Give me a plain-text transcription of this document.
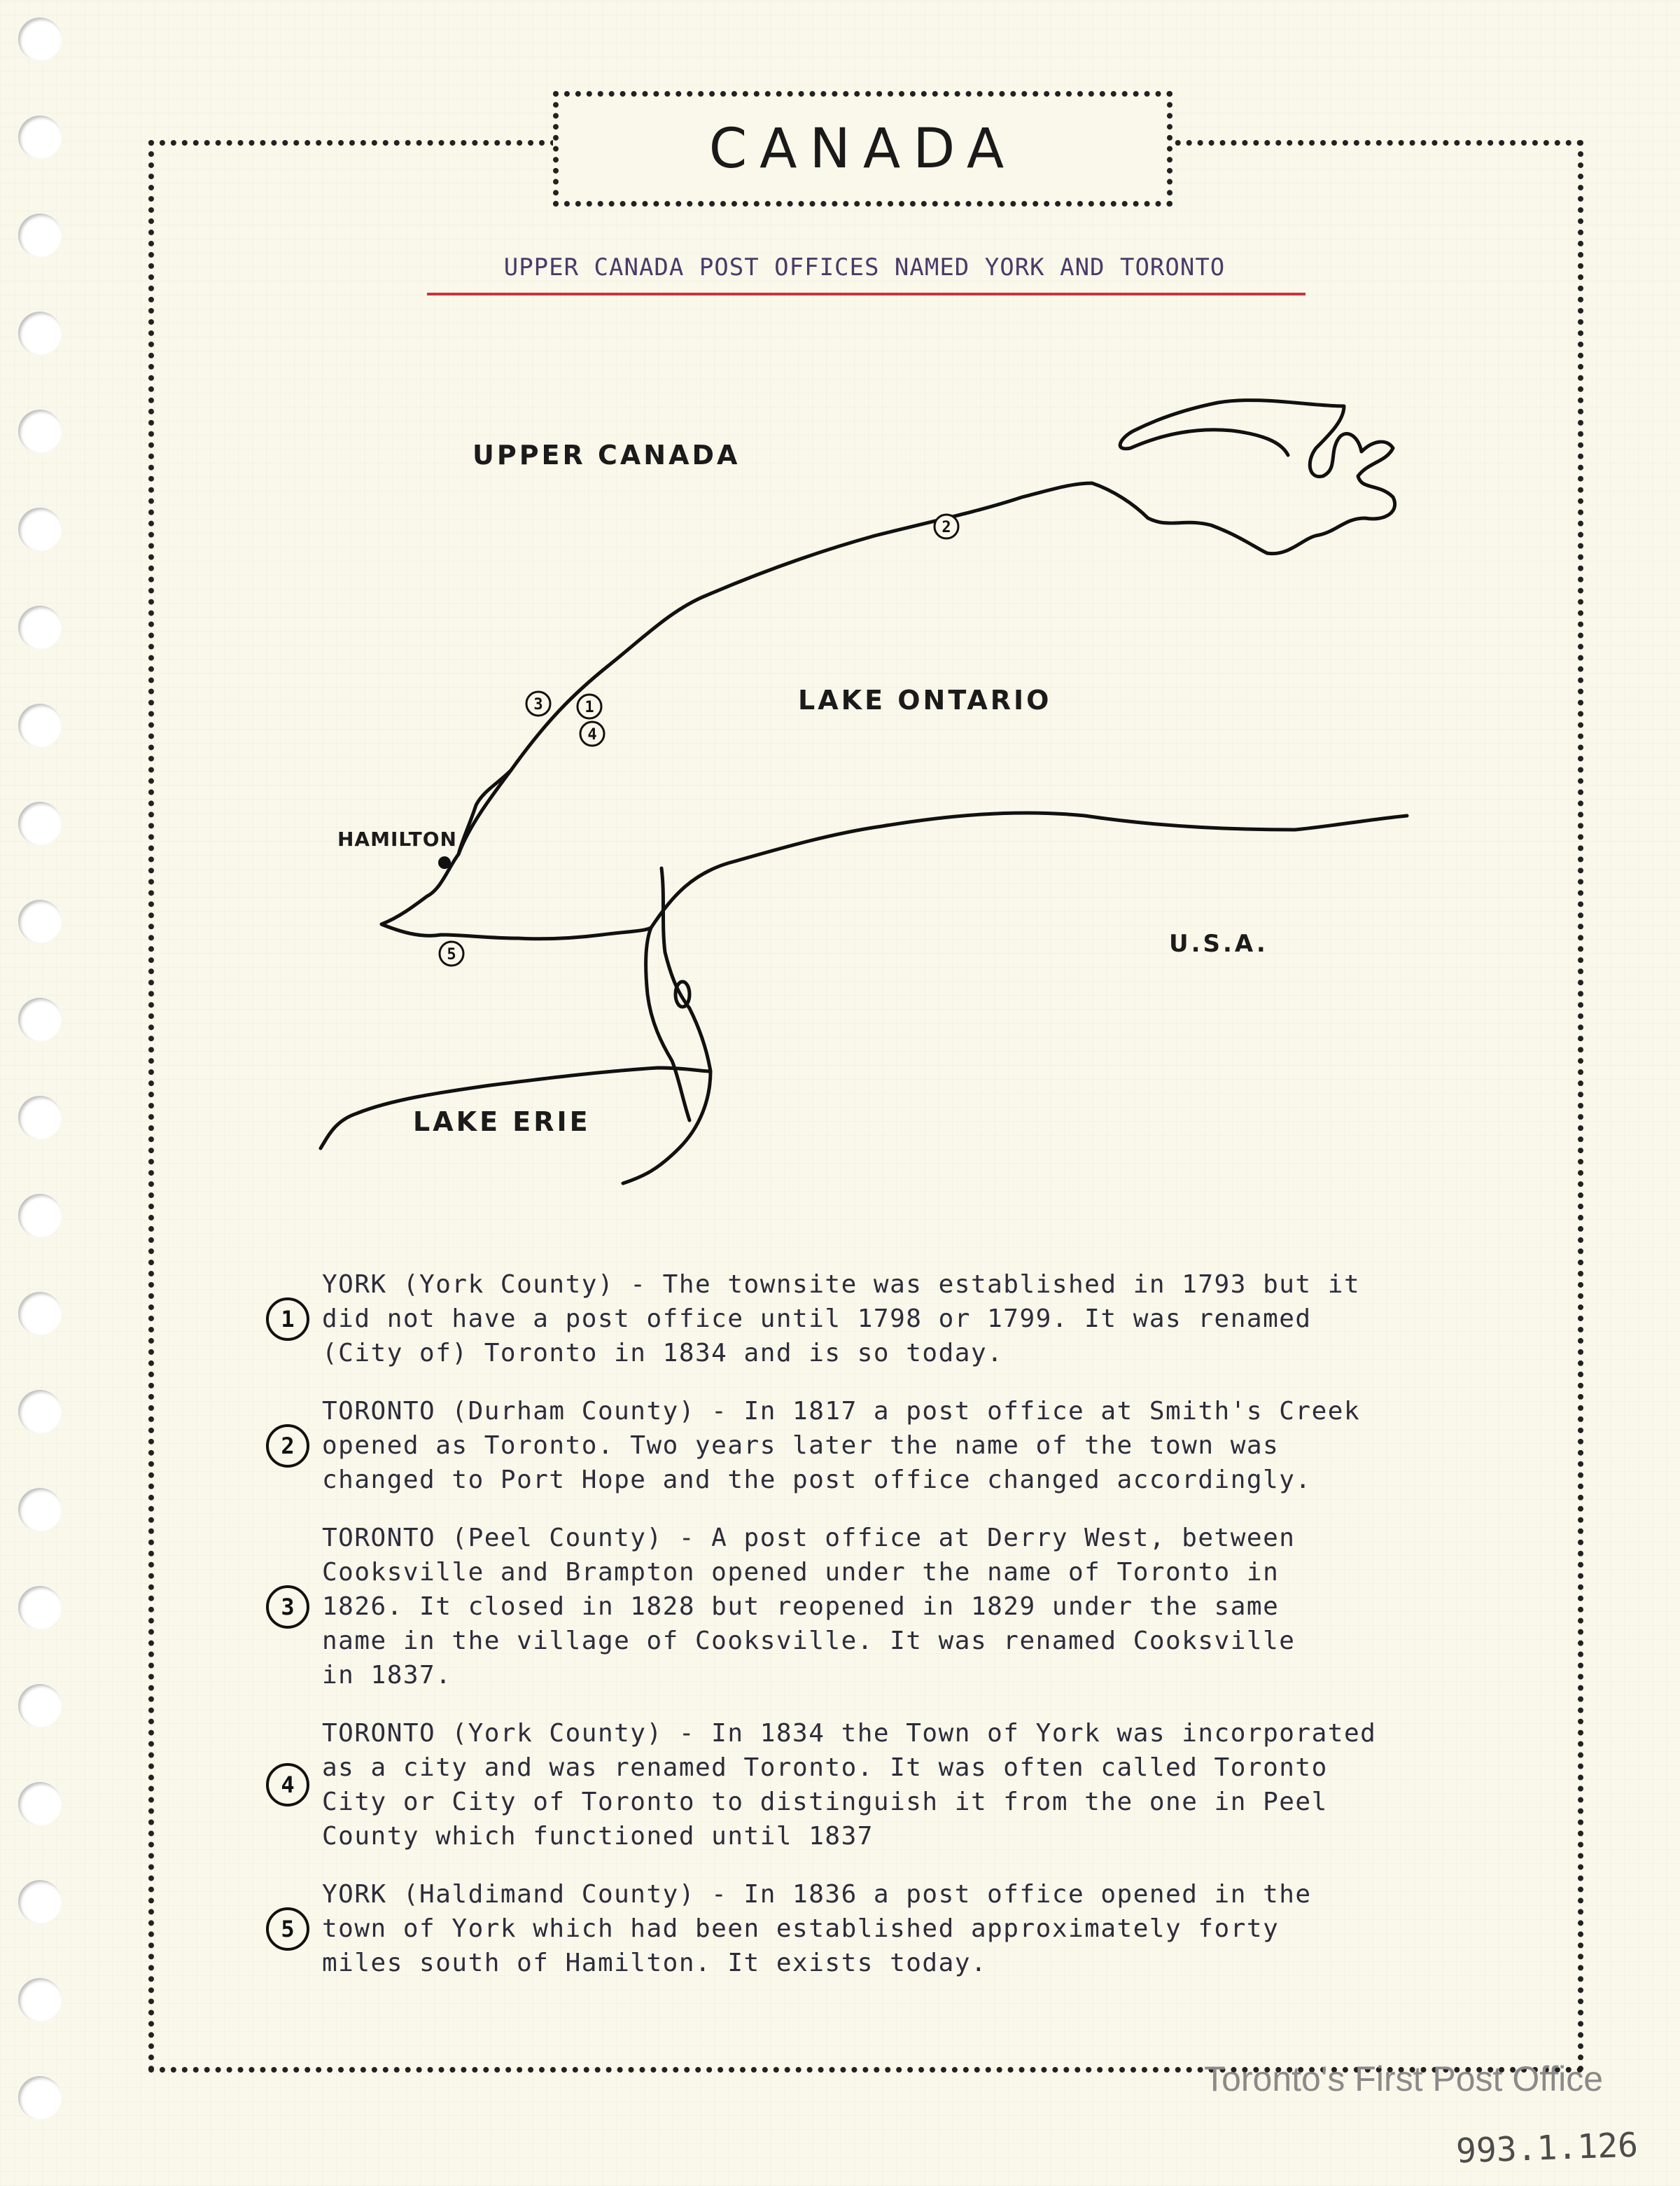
CANADA
UPPER CANADA POST OFFICES NAMED YORK AND TORONTO
1
4
3
2
5
UPPER CANADA
LAKE ONTARIO
HAMILTON
U.S.A.
LAKE ERIE
1
YORK (York County) - The townsite was established in 1793 but it
did not have a post office until 1798 or 1799. It was renamed
(City of) Toronto in 1834 and is so today.
2
TORONTO (Durham County) - In 1817 a post office at Smith's Creek
opened as Toronto. Two years later the name of the town was
changed to Port Hope and the post office changed accordingly.
3
TORONTO (Peel County) - A post office at Derry West, between
Cooksville and Brampton opened under the name of Toronto in
1826. It closed in 1828 but reopened in 1829 under the same
name in the village of Cooksville. It was renamed Cooksville
in 1837.
4
TORONTO (York County) - In 1834 the Town of York was incorporated
as a city and was renamed Toronto. It was often called Toronto
City or City of Toronto to distinguish it from the one in Peel
County which functioned until 1837
5
YORK (Haldimand County) - In 1836 a post office opened in the
town of York which had been established approximately forty
miles south of Hamilton. It exists today.
Toronto's First Post Office
993.1.126
